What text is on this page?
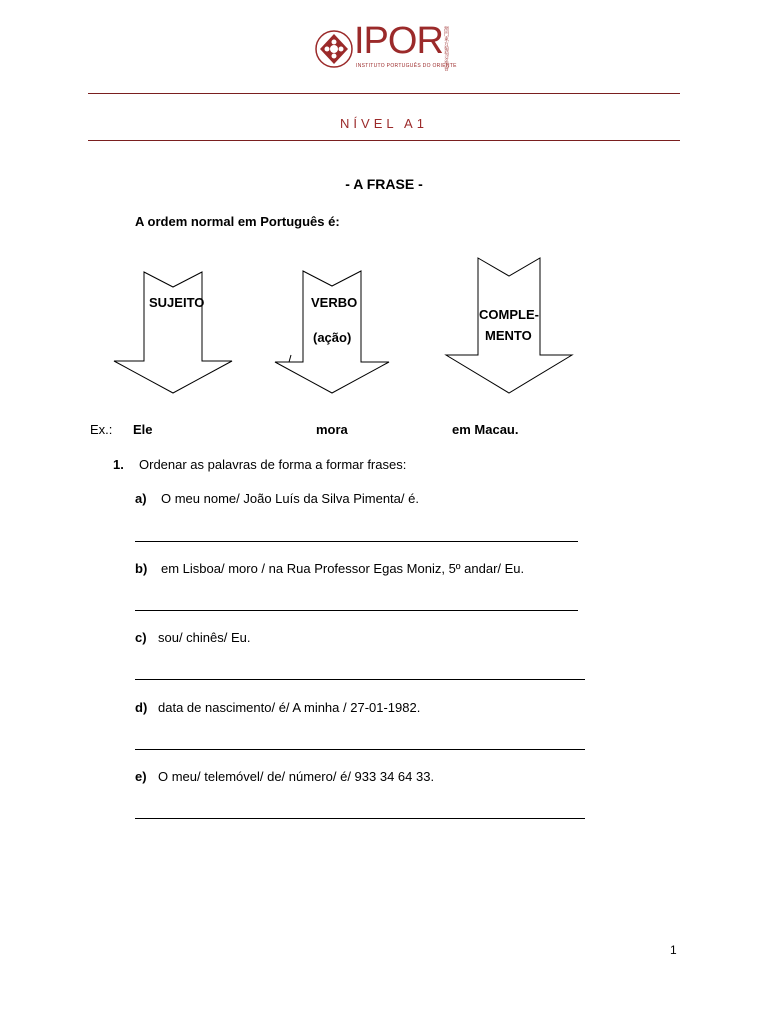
IPOR
INSTITUTO PORTUGUÊS DO ORIENTE
澳門東方葡萄牙學會
NÍVEL A1
- A FRASE -
A ordem normal em Português é:
SUJEITO	VERBO
(ação)
COMPLE-
MENTO
Ex.: Ele	mora	em Macau.
1. Ordenar as palavras de forma a formar frases:
a) O meu nome/ João Luís da Silva Pimenta/ é.
b) em Lisboa/ moro / na Rua Professor Egas Moniz, 5º andar/ Eu.
c) sou/ chinês/ Eu.
d) data de nascimento/ é/ A minha / 27-01-1982.
e) O meu/ telemóvel/ de/ número/ é/ 933 34 64 33.
1
